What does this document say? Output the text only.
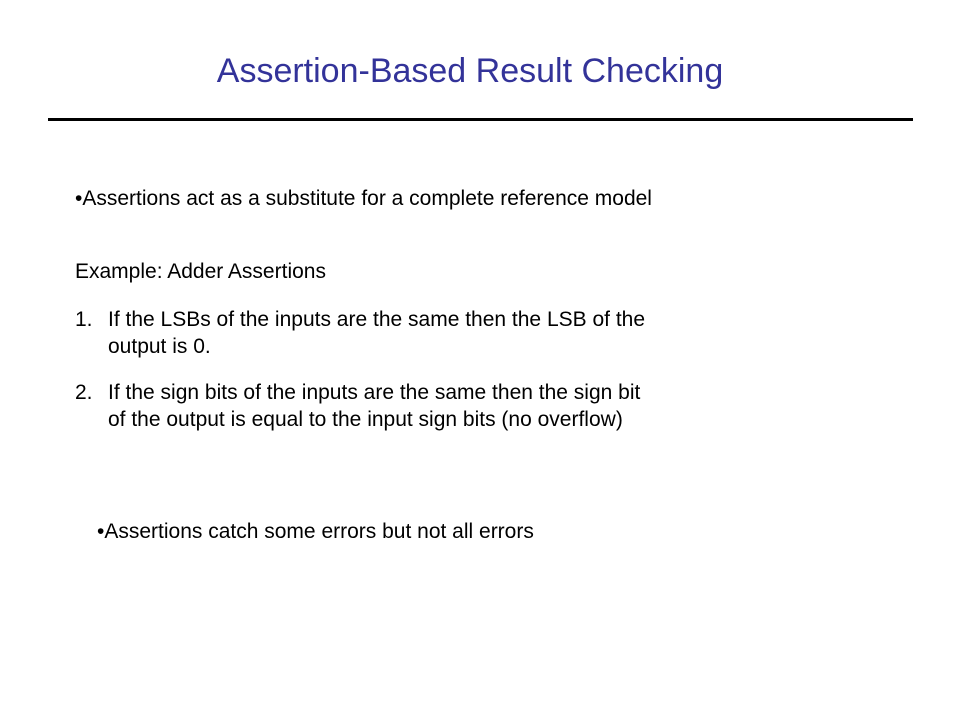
Assertion-Based Result Checking

•Assertions act as a substitute for a complete reference model

Example: Adder Assertions

1. If the LSBs of the inputs are the same then the LSB of the
output is 0.
2. If the sign bits of the inputs are the same then the sign bit
of the output is equal to the input sign bits (no overflow)

•Assertions catch some errors but not all errors
